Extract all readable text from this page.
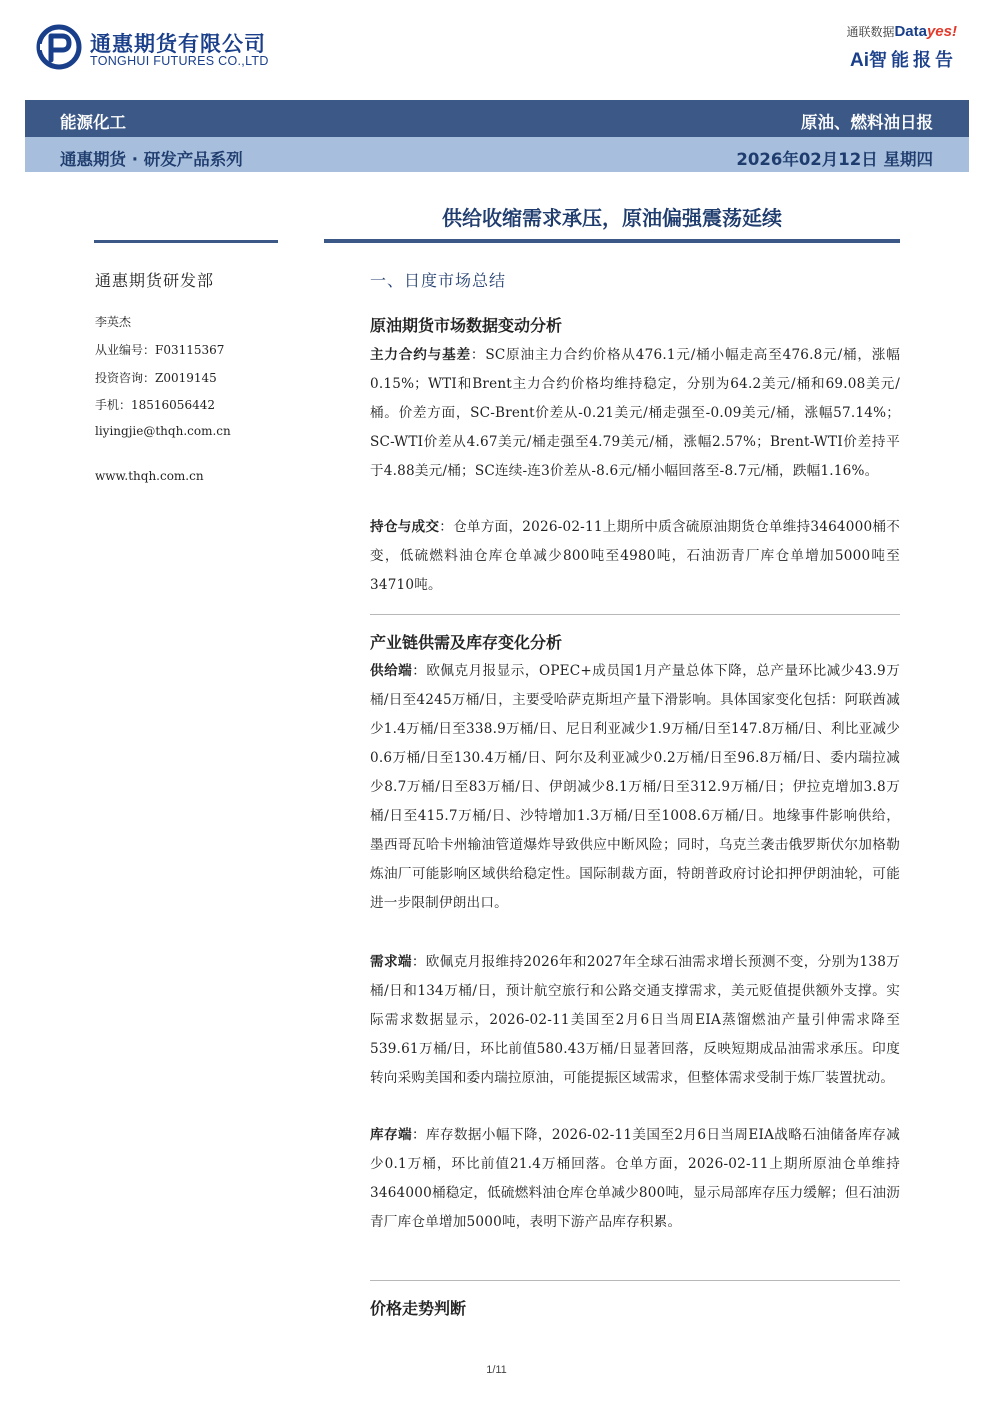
通惠期货有限公司
TONGHUI FUTURES CO.,LTD
通联数据Datayes!
Ai智能报告
能源化工	原油、燃料油日报
通惠期货 · 研发产品系列	2026年02月12日 星期四
供给收缩需求承压，原油偏强震荡延续
通惠期货研发部
李英杰
从业编号：F03115367
投资咨询：Z0019145
手机：18516056442
liyingjie@thqh.com.cn
www.thqh.com.cn
一、日度市场总结
原油期货市场数据变动分析
主力合约与基差：SC原油主力合约价格从476.1元/桶小幅走高至476.8元/桶，涨幅0.15%；WTI和Brent主力合约价格均维持稳定，分别为64.2美元/桶和69.08美元/桶。价差方面，SC-Brent价差从-0.21美元/桶走强至-0.09美元/桶，涨幅57.14%；SC-WTI价差从4.67美元/桶走强至4.79美元/桶，涨幅2.57%；Brent-WTI价差持平于4.88美元/桶；SC连续-连3价差从-8.6元/桶小幅回落至-8.7元/桶，跌幅1.16%。
持仓与成交：仓单方面，2026-02-11上期所中质含硫原油期货仓单维持3464000桶不变，低硫燃料油仓库仓单减少800吨至4980吨，石油沥青厂库仓单增加5000吨至34710吨。
产业链供需及库存变化分析
供给端：欧佩克月报显示，OPEC+成员国1月产量总体下降，总产量环比减少43.9万桶/日至4245万桶/日，主要受哈萨克斯坦产量下滑影响。具体国家变化包括：阿联酋减少1.4万桶/日至338.9万桶/日、尼日利亚减少1.9万桶/日至147.8万桶/日、利比亚减少0.6万桶/日至130.4万桶/日、阿尔及利亚减少0.2万桶/日至96.8万桶/日、委内瑞拉减少8.7万桶/日至83万桶/日、伊朗减少8.1万桶/日至312.9万桶/日；伊拉克增加3.8万桶/日至415.7万桶/日、沙特增加1.3万桶/日至1008.6万桶/日。地缘事件影响供给，墨西哥瓦哈卡州输油管道爆炸导致供应中断风险；同时，乌克兰袭击俄罗斯伏尔加格勒炼油厂可能影响区域供给稳定性。国际制裁方面，特朗普政府讨论扣押伊朗油轮，可能进一步限制伊朗出口。
需求端：欧佩克月报维持2026年和2027年全球石油需求增长预测不变，分别为138万桶/日和134万桶/日，预计航空旅行和公路交通支撑需求，美元贬值提供额外支撑。实际需求数据显示，2026-02-11美国至2月6日当周EIA蒸馏燃油产量引伸需求降至539.61万桶/日，环比前值580.43万桶/日显著回落，反映短期成品油需求承压。印度转向采购美国和委内瑞拉原油，可能提振区域需求，但整体需求受制于炼厂装置扰动。
库存端：库存数据小幅下降，2026-02-11美国至2月6日当周EIA战略石油储备库存减少0.1万桶，环比前值21.4万桶回落。仓单方面，2026-02-11上期所原油仓单维持3464000桶稳定，低硫燃料油仓库仓单减少800吨，显示局部库存压力缓解；但石油沥青厂库仓单增加5000吨，表明下游产品库存积累。
价格走势判断
1/11
